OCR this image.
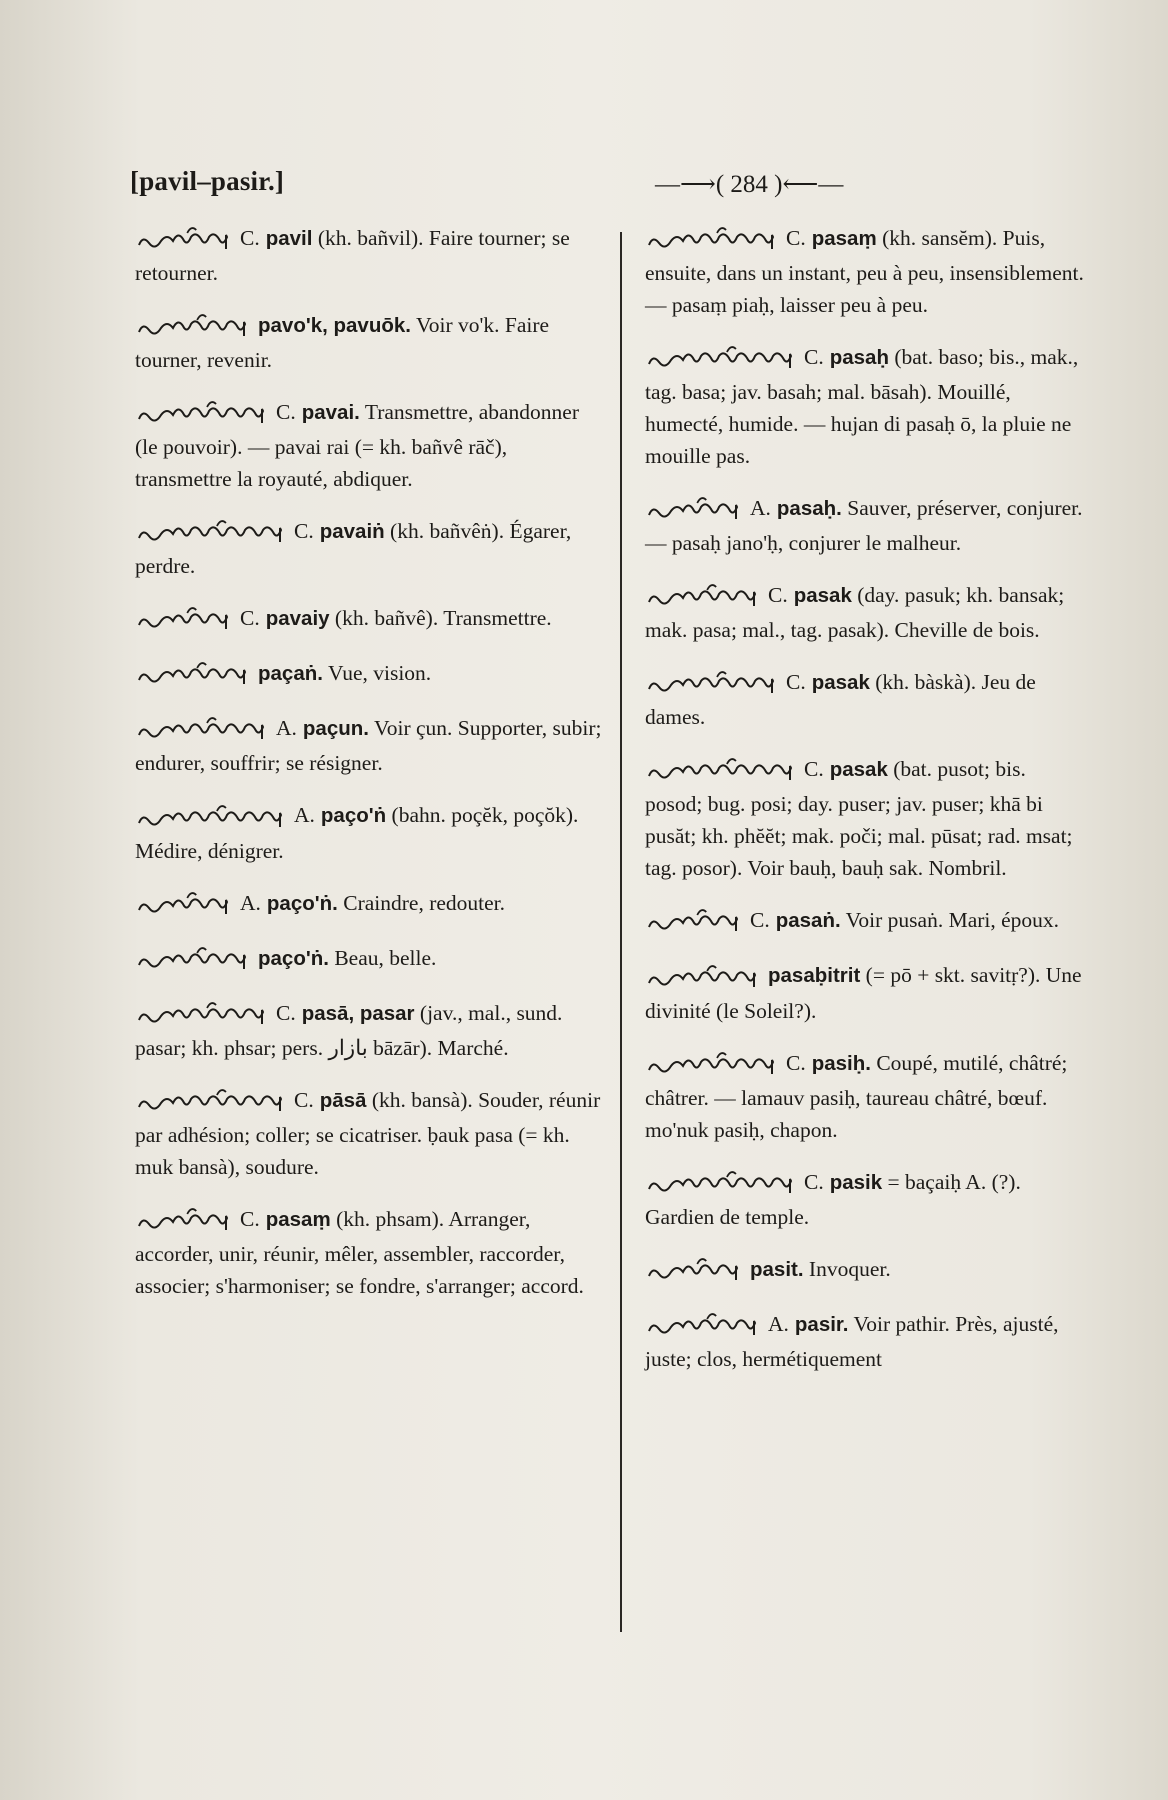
[pavil–pasir.]	—⟶( 284 )⟵—
C. pavil (kh. bañvil). Faire tourner; se retourner.
pavo'k, pavuōk. Voir vo'k. Faire tourner, revenir.
C. pavai. Transmettre, abandonner (le pouvoir). — pavai rai (= kh. bañvê rāč), transmettre la royauté, abdiquer.
C. pavaiṅ (kh. bañvêṅ). Égarer, perdre.
C. pavaiy (kh. bañvê). Transmettre.
paçaṅ. Vue, vision.
A. paçun. Voir çun. Supporter, subir; endurer, souffrir; se résigner.
A. paço'ṅ (bahn. poçĕk, poçŏk). Médire, dénigrer.
A. paço'ṅ. Craindre, redouter.
paço'ṅ. Beau, belle.
C. pasā, pasar (jav., mal., sund. pasar; kh. phsar; pers. بازار bāzār). Marché.
C. pāsā (kh. bansà). Souder, réunir par adhésion; coller; se cicatriser. ḅauk pasa (= kh. muk bansà), soudure.
C. pasaṃ (kh. phsam). Arranger, accorder, unir, réunir, mêler, assembler, raccorder, associer; s'harmoniser; se fondre, s'arranger; accord.
C. pasaṃ (kh. sansĕm). Puis, ensuite, dans un instant, peu à peu, insensiblement. — pasaṃ piaḥ, laisser peu à peu.
C. pasaḥ (bat. baso; bis., mak., tag. basa; jav. basah; mal. bāsah). Mouillé, humecté, humide. — hujan di pasaḥ ō, la pluie ne mouille pas.
A. pasaḥ. Sauver, préserver, conjurer. — pasaḥ jano'ḥ, conjurer le malheur.
C. pasak (day. pasuk; kh. bansak; mak. pasa; mal., tag. pasak). Cheville de bois.
C. pasak (kh. bàskà). Jeu de dames.
C. pasak (bat. pusot; bis. posod; bug. posi; day. puser; jav. puser; khā bi pusăt; kh. phĕĕt; mak. poči; mal. pūsat; rad. msat; tag. posor). Voir bauḥ, bauḥ sak. Nombril.
C. pasaṅ. Voir pusaṅ. Mari, époux.
pasaḅitrit (= pō + skt. savitṛ?). Une divinité (le Soleil?).
C. pasiḥ. Coupé, mutilé, châtré; châtrer. — lamauv pasiḥ, taureau châtré, bœuf. mo'nuk pasiḥ, chapon.
C. pasik = baçaiḥ A. (?). Gardien de temple.
pasit. Invoquer.
A. pasir. Voir pathir. Près, ajusté, juste; clos, hermétiquement
